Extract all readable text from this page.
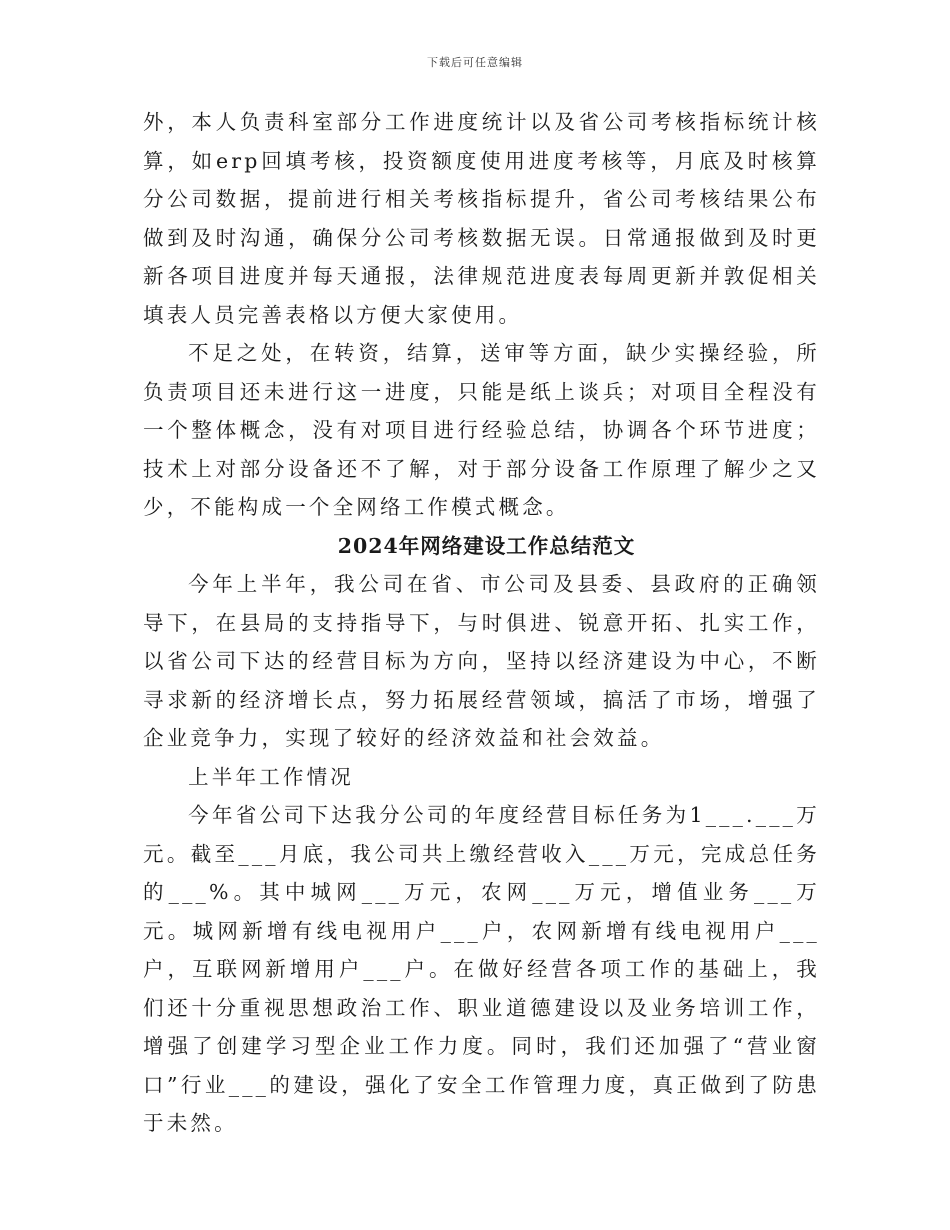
下载后可任意编辑

外，本人负责科室部分工作进度统计以及省公司考核指标统计核算，如erp回填考核，投资额度使用进度考核等，月底及时核算分公司数据，提前进行相关考核指标提升，省公司考核结果公布做到及时沟通，确保分公司考核数据无误。日常通报做到及时更新各项目进度并每天通报，法律规范进度表每周更新并敦促相关填表人员完善表格以方便大家使用。

不足之处，在转资，结算，送审等方面，缺少实操经验，所负责项目还未进行这一进度，只能是纸上谈兵；对项目全程没有一个整体概念，没有对项目进行经验总结，协调各个环节进度；技术上对部分设备还不了解，对于部分设备工作原理了解少之又少，不能构成一个全网络工作模式概念。

2024年网络建设工作总结范文

今年上半年，我公司在省、市公司及县委、县政府的正确领导下，在县局的支持指导下，与时俱进、锐意开拓、扎实工作，以省公司下达的经营目标为方向，坚持以经济建设为中心，不断寻求新的经济增长点，努力拓展经营领域，搞活了市场，增强了企业竞争力，实现了较好的经济效益和社会效益。

上半年工作情况

今年省公司下达我分公司的年度经营目标任务为1___.___万元。截至___月底，我公司共上缴经营收入___万元，完成总任务的___%。其中城网___万元，农网___万元，增值业务___万元。城网新增有线电视用户___户，农网新增有线电视用户___户，互联网新增用户___户。在做好经营各项工作的基础上，我们还十分重视思想政治工作、职业道德建设以及业务培训工作，增强了创建学习型企业工作力度。同时，我们还加强了“营业窗口”行业___的建设，强化了安全工作管理力度，真正做到了防患于未然。
